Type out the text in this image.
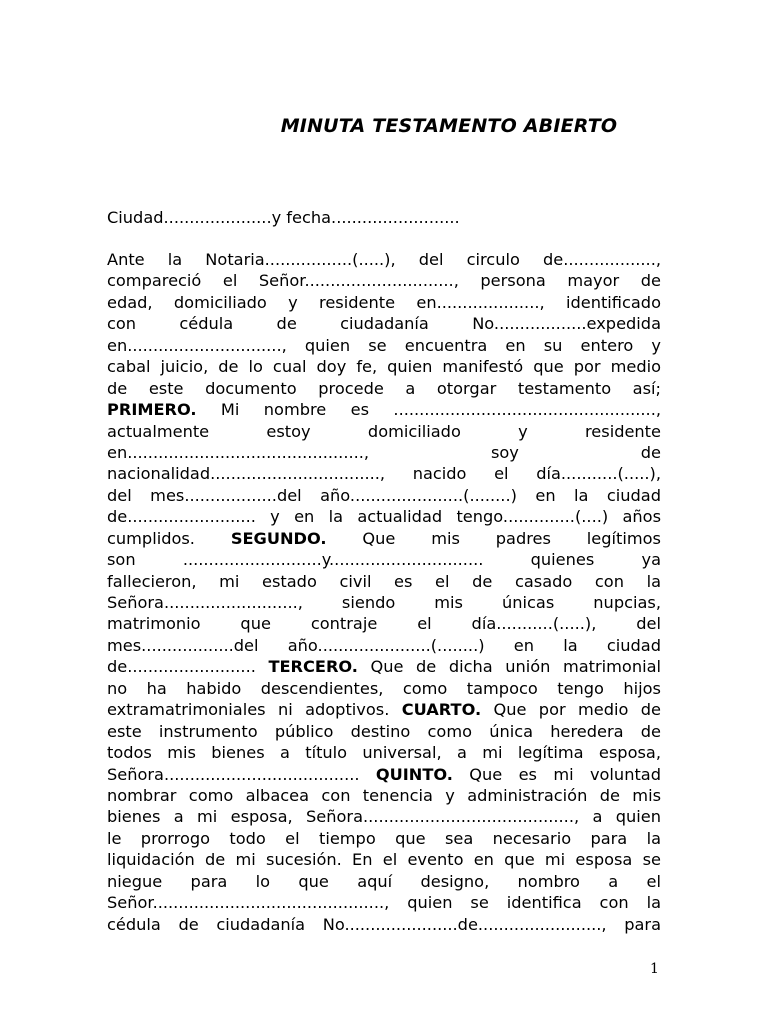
MINUTA TESTAMENTO ABIERTO
Ciudad.....................y fecha.........................
Ante la Notaria.................(.....), del circulo de..................,
compareció el Señor............................., persona mayor de
edad, domiciliado y residente en...................., identificado
con cédula de ciudadanía No..................expedida
en.............................., quien se encuentra en su entero y
cabal juicio, de lo cual doy fe, quien manifestó que por medio
de este documento procede a otorgar testamento así;
PRIMERO. Mi nombre es ...................................................,
actualmente estoy domiciliado y residente
en.............................................., soy de
nacionalidad................................., nacido el día...........(.....),
del mes..................del año......................(........) en la ciudad
de......................... y en la actualidad tengo..............(....) años
cumplidos. SEGUNDO. Que mis padres legítimos
son ...........................y.............................. quienes ya
fallecieron, mi estado civil es el de casado con la
Señora.........................., siendo mis únicas nupcias,
matrimonio que contraje el día...........(.....), del
mes..................del año......................(........) en la ciudad
de......................... TERCERO. Que de dicha unión matrimonial
no ha habido descendientes, como tampoco tengo hijos
extramatrimoniales ni adoptivos. CUARTO. Que por medio de
este instrumento público destino como única heredera de
todos mis bienes a título universal, a mi legítima esposa,
Señora...................................... QUINTO. Que es mi voluntad
nombrar como albacea con tenencia y administración de mis
bienes a mi esposa, Señora........................................., a quien
le prorrogo todo el tiempo que sea necesario para la
liquidación de mi sucesión. En el evento en que mi esposa se
niegue para lo que aquí designo, nombro a el
Señor............................................., quien se identifica con la
cédula de ciudadanía No......................de........................, para
1
